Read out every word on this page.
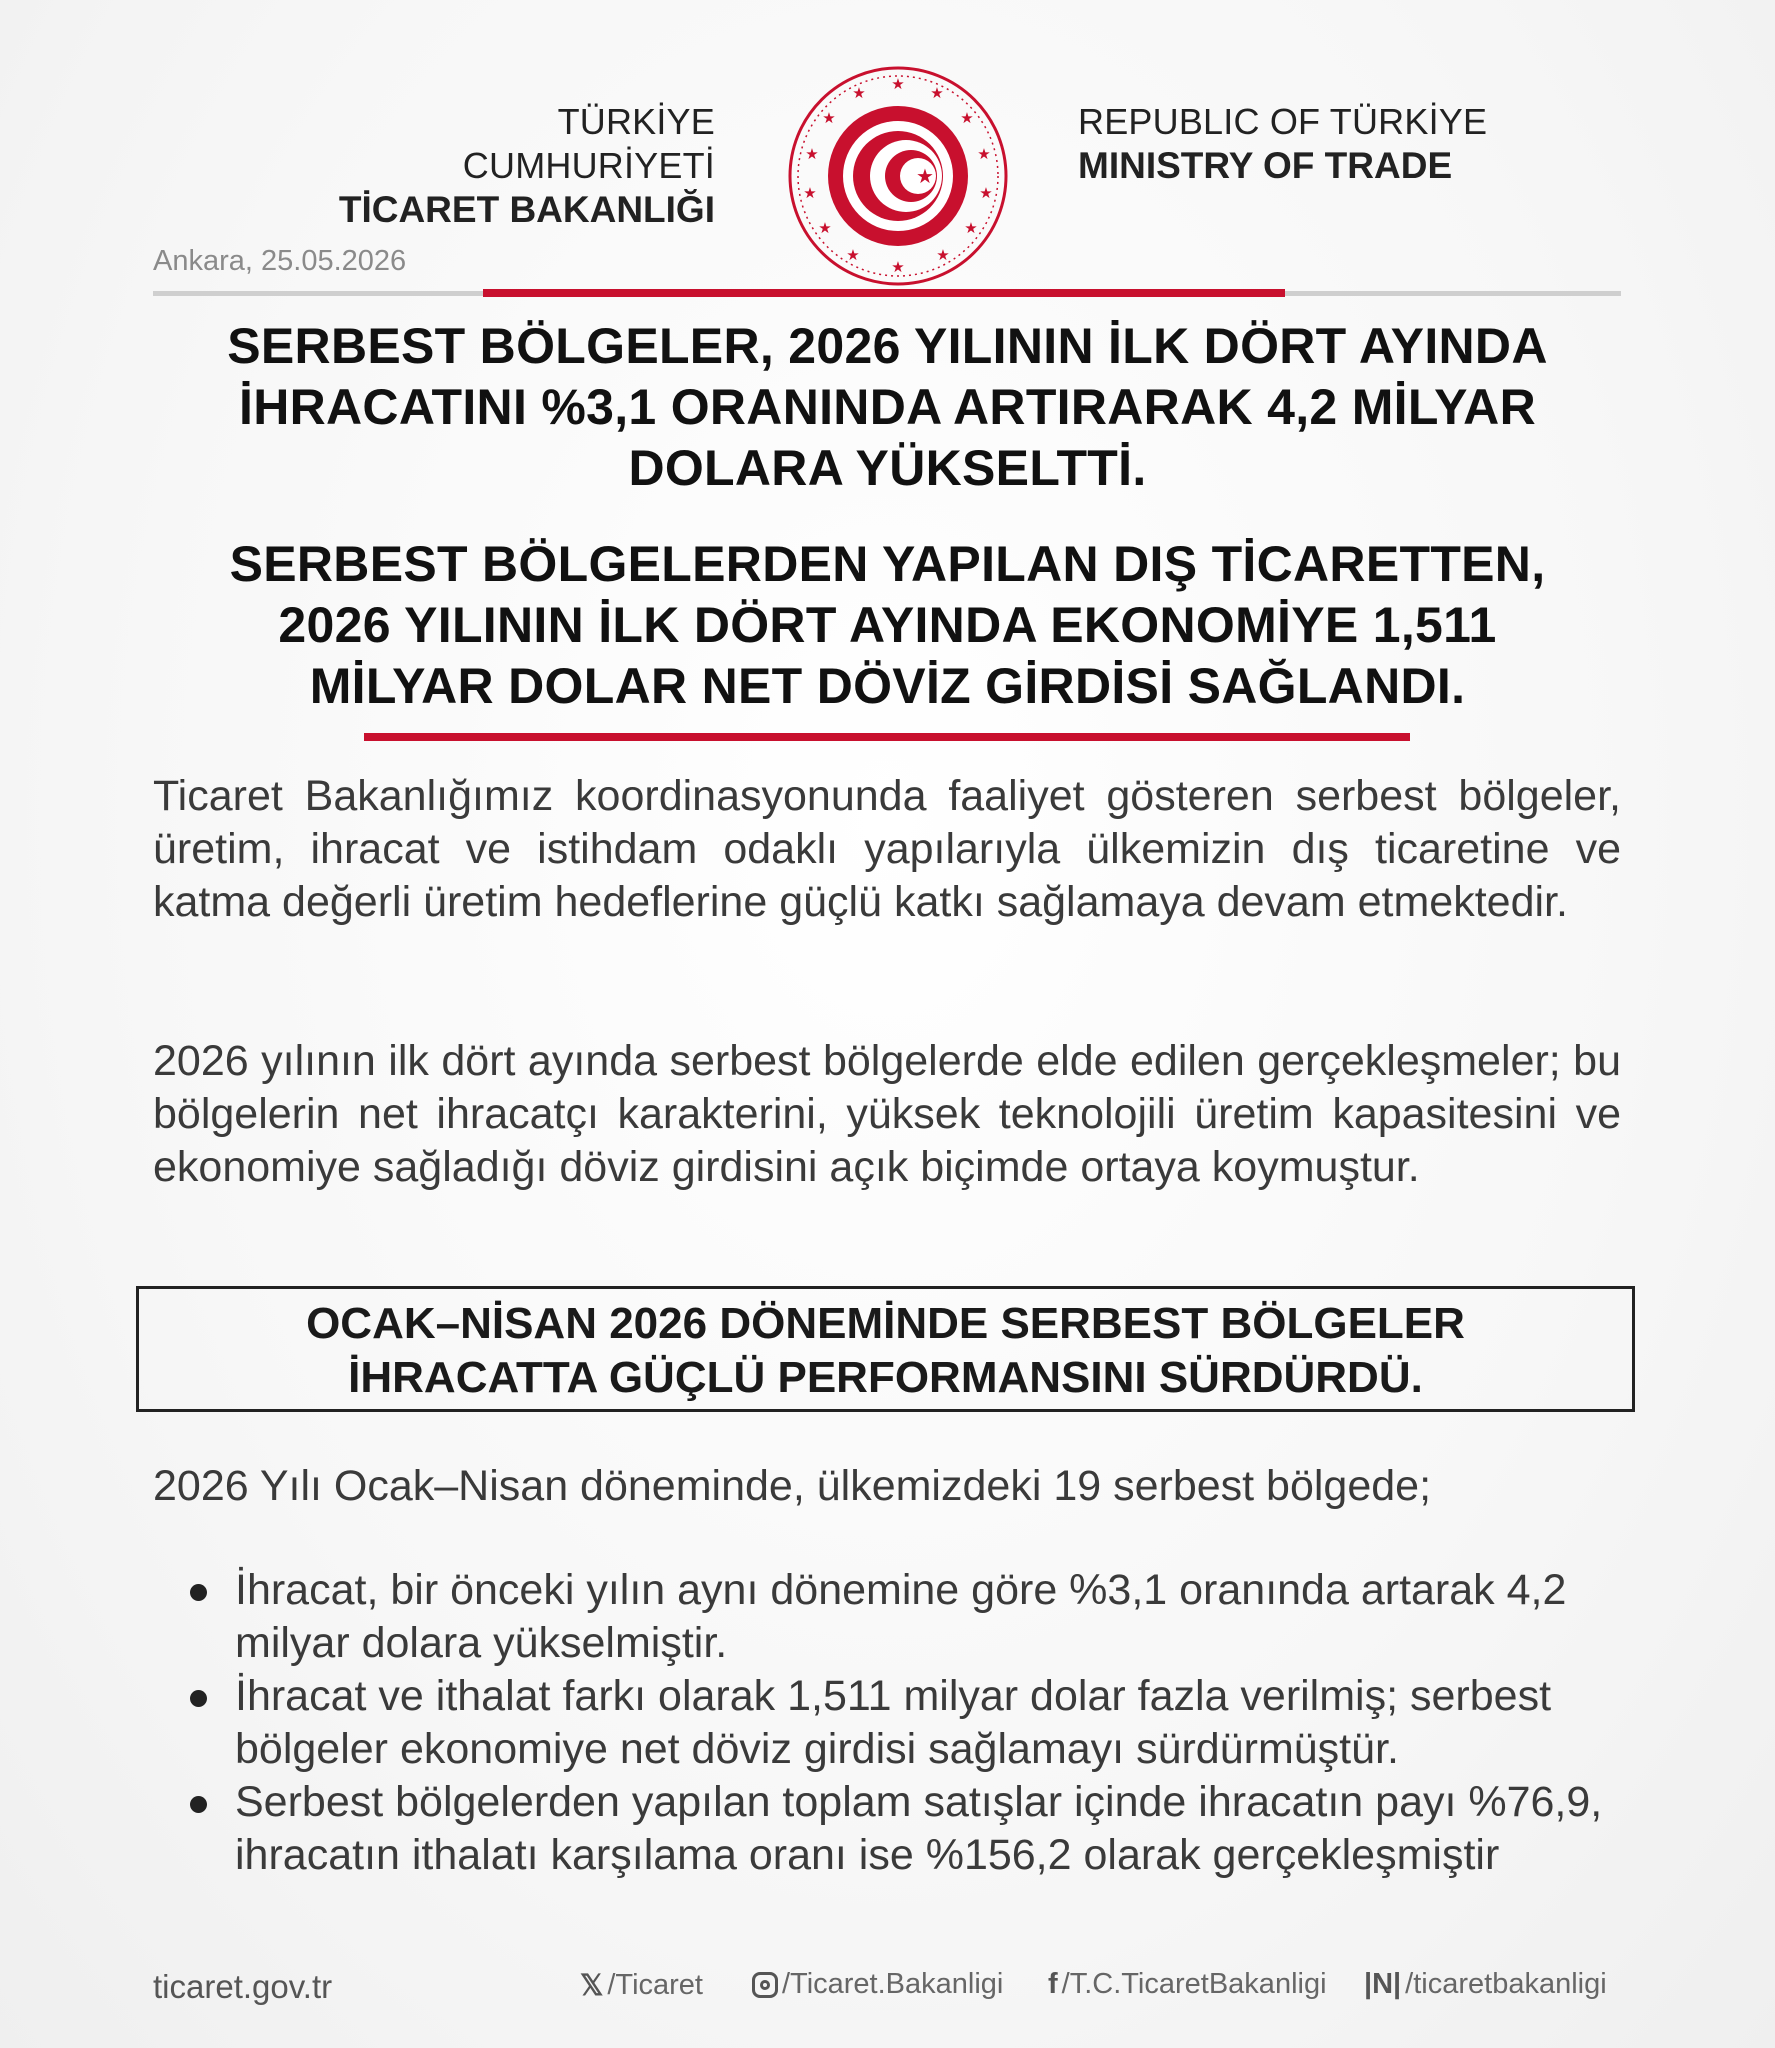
TÜRKİYE CUMHURİYETİ
TİCARET BAKANLIĞI
★ ★
★
★
★
★
★
★
★
★
★
★
★
★
★
REPUBLIC OF TÜRKİYE
MINISTRY OF TRADE
Ankara, 25.05.2026
SERBEST BÖLGELER, 2026 YILININ İLK DÖRT AYINDA
İHRACATINI %3,1 ORANINDA ARTIRARAK 4,2 MİLYAR
DOLARA YÜKSELTTİ.
SERBEST BÖLGELERDEN YAPILAN DIŞ TİCARETTEN,
2026 YILININ İLK DÖRT AYINDA EKONOMİYE 1,511
MİLYAR DOLAR NET DÖVİZ GİRDİSİ SAĞLANDI.
Ticaret Bakanlığımız koordinasyonunda faaliyet gösteren serbest bölgeler, üretim, ihracat ve istihdam odaklı yapılarıyla ülkemizin dış ticaretine ve katma değerli üretim hedeflerine güçlü katkı sağlamaya devam etmektedir.
2026 yılının ilk dört ayında serbest bölgelerde elde edilen gerçekleşmeler; bu bölgelerin net ihracatçı karakterini, yüksek teknolojili üretim kapasitesini ve ekonomiye sağladığı döviz girdisini açık biçimde ortaya koymuştur.
OCAK–NİSAN 2026 DÖNEMİNDE SERBEST BÖLGELER
İHRACATTA GÜÇLÜ PERFORMANSINI SÜRDÜRDÜ.
2026 Yılı Ocak–Nisan döneminde, ülkemizdeki 19 serbest bölgede;
İhracat, bir önceki yılın aynı dönemine göre %3,1 oranında artarak 4,2 milyar dolara yükselmiştir.
İhracat ve ithalat farkı olarak 1,511 milyar dolar fazla verilmiş; serbest bölgeler ekonomiye net döviz girdisi sağlamayı sürdürmüştür.
Serbest bölgelerden yapılan toplam satışlar içinde ihracatın payı %76,9, ihracatın ithalatı karşılama oranı ise %156,2 olarak gerçekleşmiştir
ticaret.gov.tr	𝕏 /Ticaret	/Ticaret.Bakanligi f /T.C.TicaretBakanligi |N| /ticaretbakanligi
